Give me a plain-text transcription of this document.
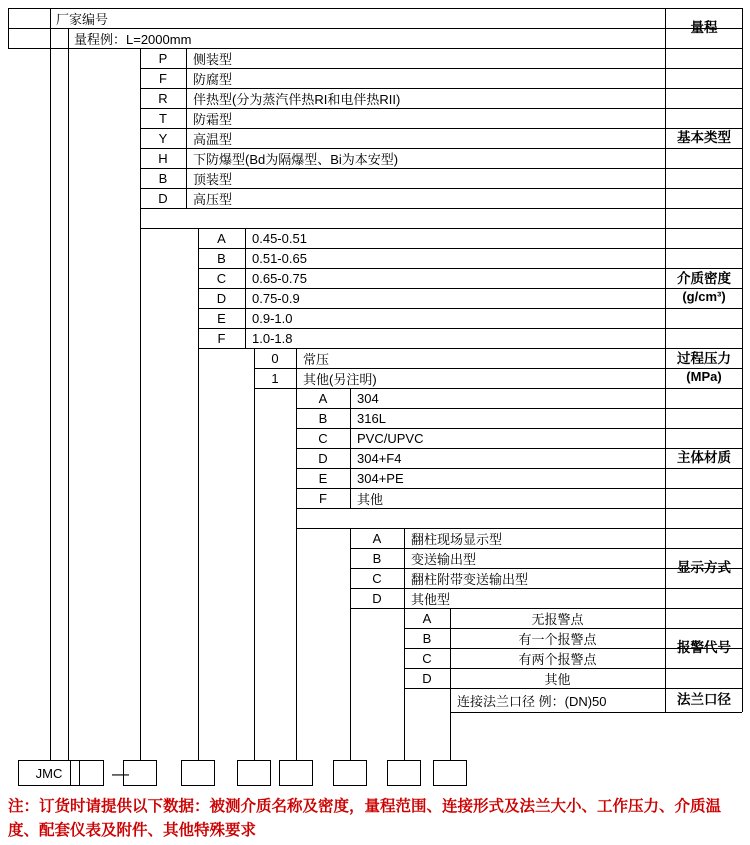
厂家编号
量程例：L=2000mm
量程
P	侧装型
F	防腐型
R	伴热型(分为蒸汽伴热RI和电伴热RII)
T	防霜型
Y	高温型
H	下防爆型(Bd为隔爆型、Bi为本安型)
B	顶装型
D	高压型
基本类型
A	0.45-0.51
B	0.51-0.65
C	0.65-0.75
D	0.75-0.9
E	0.9-1.0
F	1.0-1.8
介质密度
(g/cm³)
0	常压
1	其他(另注明)
过程压力
(MPa)
A	304
B	316L
C	PVC/UPVC
D	304+F4
E	304+PE
F	其他
主体材质
A	翻柱现场显示型
B	变送输出型
C	翻柱附带变送输出型
D	其他型
显示方式
A	无报警点
B	有一个报警点
C	有两个报警点
D	其他
报警代号
连接法兰口径 例：(DN)50	法兰口径
JMC	—
注：订货时请提供以下数据：被测介质名称及密度，量程范围、连接形式及法兰大小、工作压力、介质温度、配套仪表及附件、其他特殊要求
